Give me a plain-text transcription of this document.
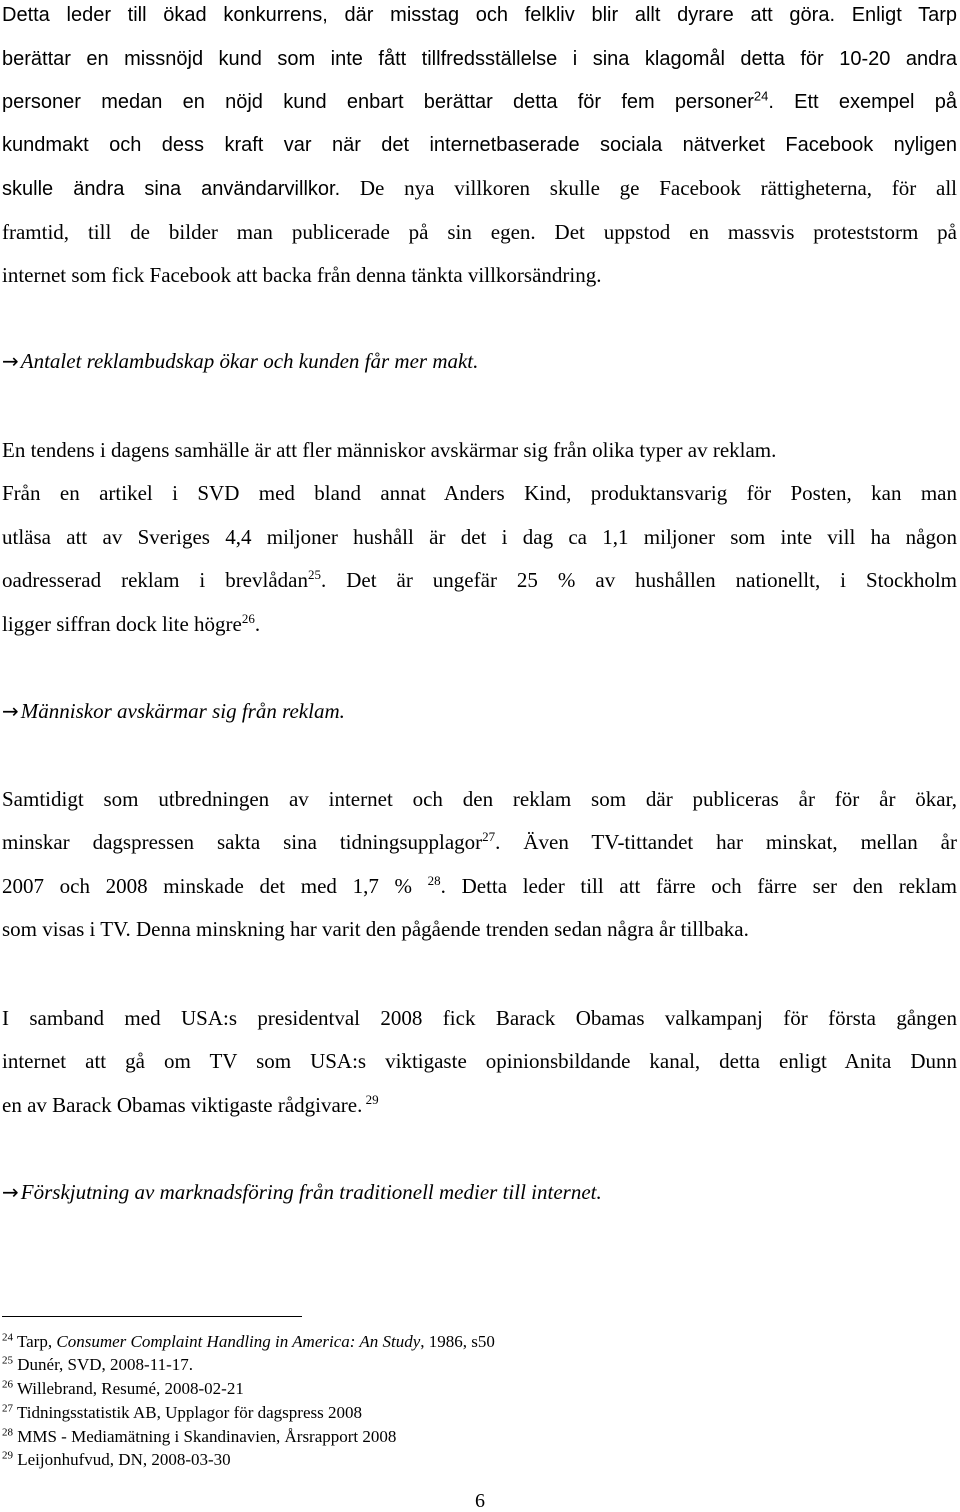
Detta leder till ökad konkurrens, där misstag och felkliv blir allt dyrare att göra. Enligt Tarp
berättar en missnöjd kund som inte fått tillfredsställelse i sina klagomål detta för 10-20 andra
personer medan en nöjd kund enbart berättar detta för fem personer$^{24}$. Ett exempel på
kundmakt och dess kraft var när det internetbaserade sociala nätverket Facebook nyligen
skulle ändra sina användarvillkor. De nya villkoren skulle ge Facebook rättigheterna, för all
framtid, till de bilder man publicerade på sin egen. Det uppstod en massvis proteststorm på
internet som fick Facebook att backa från denna tänkta villkorsändring.
→Antalet reklambudskap ökar och kunden får mer makt.
En tendens i dagens samhälle är att fler människor avskärmar sig från olika typer av reklam.
Från en artikel i SVD med bland annat Anders Kind, produktansvarig för Posten, kan man
utläsa att av Sveriges 4,4 miljoner hushåll är det i dag ca 1,1 miljoner som inte vill ha någon
oadresserad reklam i brevlådan$^{25}$. Det är ungefär 25 % av hushållen nationellt, i Stockholm
ligger siffran dock lite högre$^{26}$.
→Människor avskärmar sig från reklam.
Samtidigt som utbredningen av internet och den reklam som där publiceras år för år ökar,
minskar dagspressen sakta sina tidningsupplagor$^{27}$. Även TV-tittandet har minskat, mellan år
2007 och 2008 minskade det med 1,7 % $^{28}$. Detta leder till att färre och färre ser den reklam
som visas i TV. Denna minskning har varit den pågående trenden sedan några år tillbaka.
I samband med USA:s presidentval 2008 fick Barack Obamas valkampanj för första gången
internet att gå om TV som USA:s viktigaste opinionsbildande kanal, detta enligt Anita Dunn
en av Barack Obamas viktigaste rådgivare. $^{29}$
→Förskjutning av marknadsföring från traditionell medier till internet.
$^{24}$ Tarp, Consumer Complaint Handling in America: An Study, 1986, s50
$^{25}$ Dunér, SVD, 2008-11-17.
$^{26}$ Willebrand, Resumé, 2008-02-21
$^{27}$ Tidningsstatistik AB, Upplagor för dagspress 2008
$^{28}$ MMS - Mediamätning i Skandinavien, Årsrapport 2008
$^{29}$ Leijonhufvud, DN, 2008-03-30
6
